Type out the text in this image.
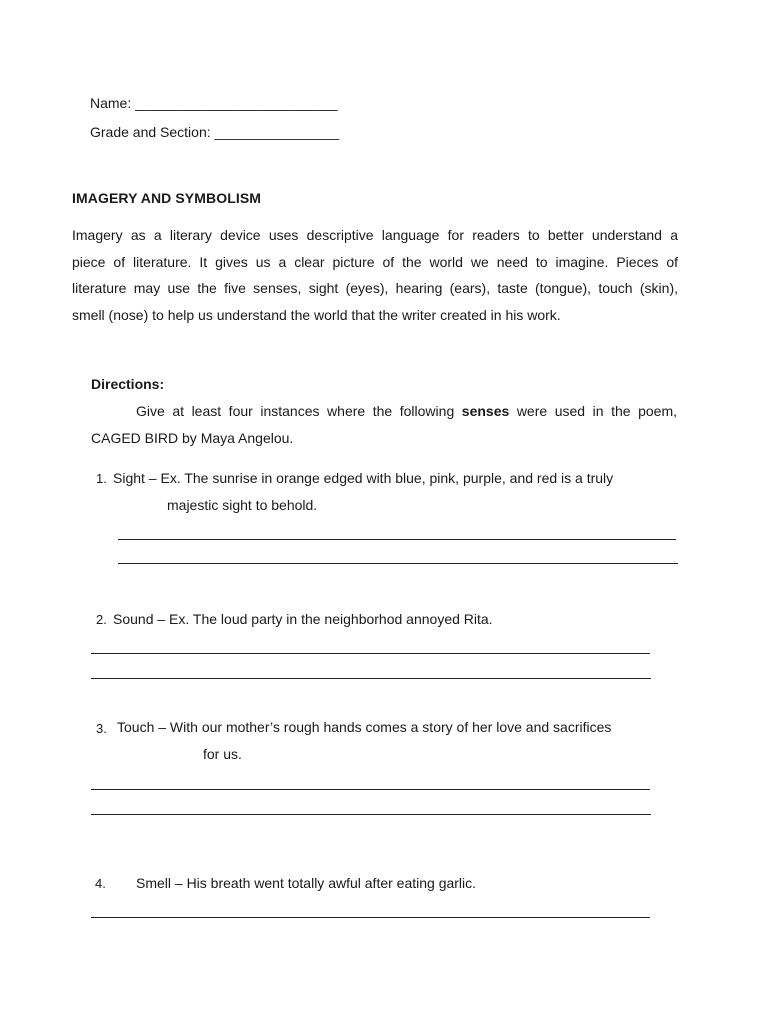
Name: __________________________
Grade and Section: ________________
IMAGERY AND SYMBOLISM
Imagery as a literary device uses descriptive language for readers to better understand a
piece of literature. It gives us a clear picture of the world we need to imagine. Pieces of
literature may use the five senses, sight (eyes), hearing (ears), taste (tongue), touch (skin),
smell (nose) to help us understand the world that the writer created in his work.
Directions:
Give at least four instances where the following senses were used in the poem,
CAGED BIRD by Maya Angelou.
1. Sight – Ex. The sunrise in orange edged with blue, pink, purple, and red is a truly
majestic sight to behold.
2. Sound – Ex. The loud party in the neighborhod annoyed Rita.
3. Touch – With our mother’s rough hands comes a story of her love and sacrifices
for us.
4. Smell – His breath went totally awful after eating garlic.
